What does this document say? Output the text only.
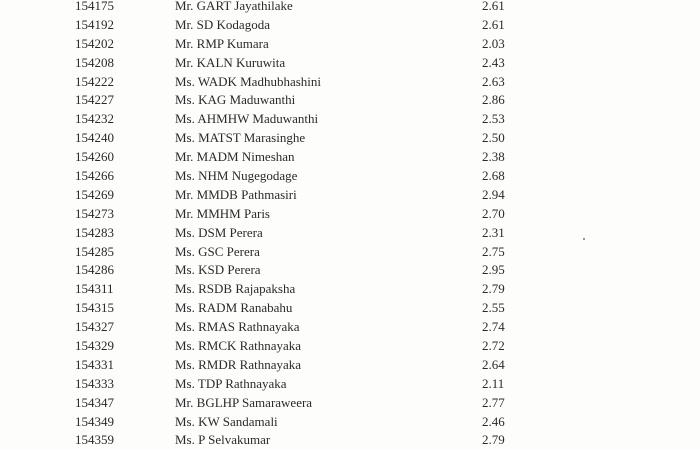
154175	Mr. GART Jayathilake	2.61
154192	Mr. SD Kodagoda	2.61
154202	Mr. RMP Kumara	2.03
154208	Mr. KALN Kuruwita	2.43
154222	Ms. WADK Madhubhashini	2.63
154227	Ms. KAG Maduwanthi	2.86
154232	Ms. AHMHW Maduwanthi	2.53
154240	Ms. MATST Marasinghe	2.50
154260	Mr. MADM Nimeshan	2.38
154266	Ms. NHM Nugegodage	2.68
154269	Mr. MMDB Pathmasiri	2.94
154273	Mr. MMHM Paris	2.70
154283	Ms. DSM Perera	2.31
154285	Ms. GSC Perera	2.75
154286	Ms. KSD Perera	2.95
154311	Ms. RSDB Rajapaksha	2.79
154315	Ms. RADM Ranabahu	2.55
154327	Ms. RMAS Rathnayaka	2.74
154329	Ms. RMCK Rathnayaka	2.72
154331	Ms. RMDR Rathnayaka	2.64
154333	Ms. TDP Rathnayaka	2.11
154347	Mr. BGLHP Samaraweera	2.77
154349	Ms. KW Sandamali	2.46
154359	Ms. P Selvakumar	2.79
